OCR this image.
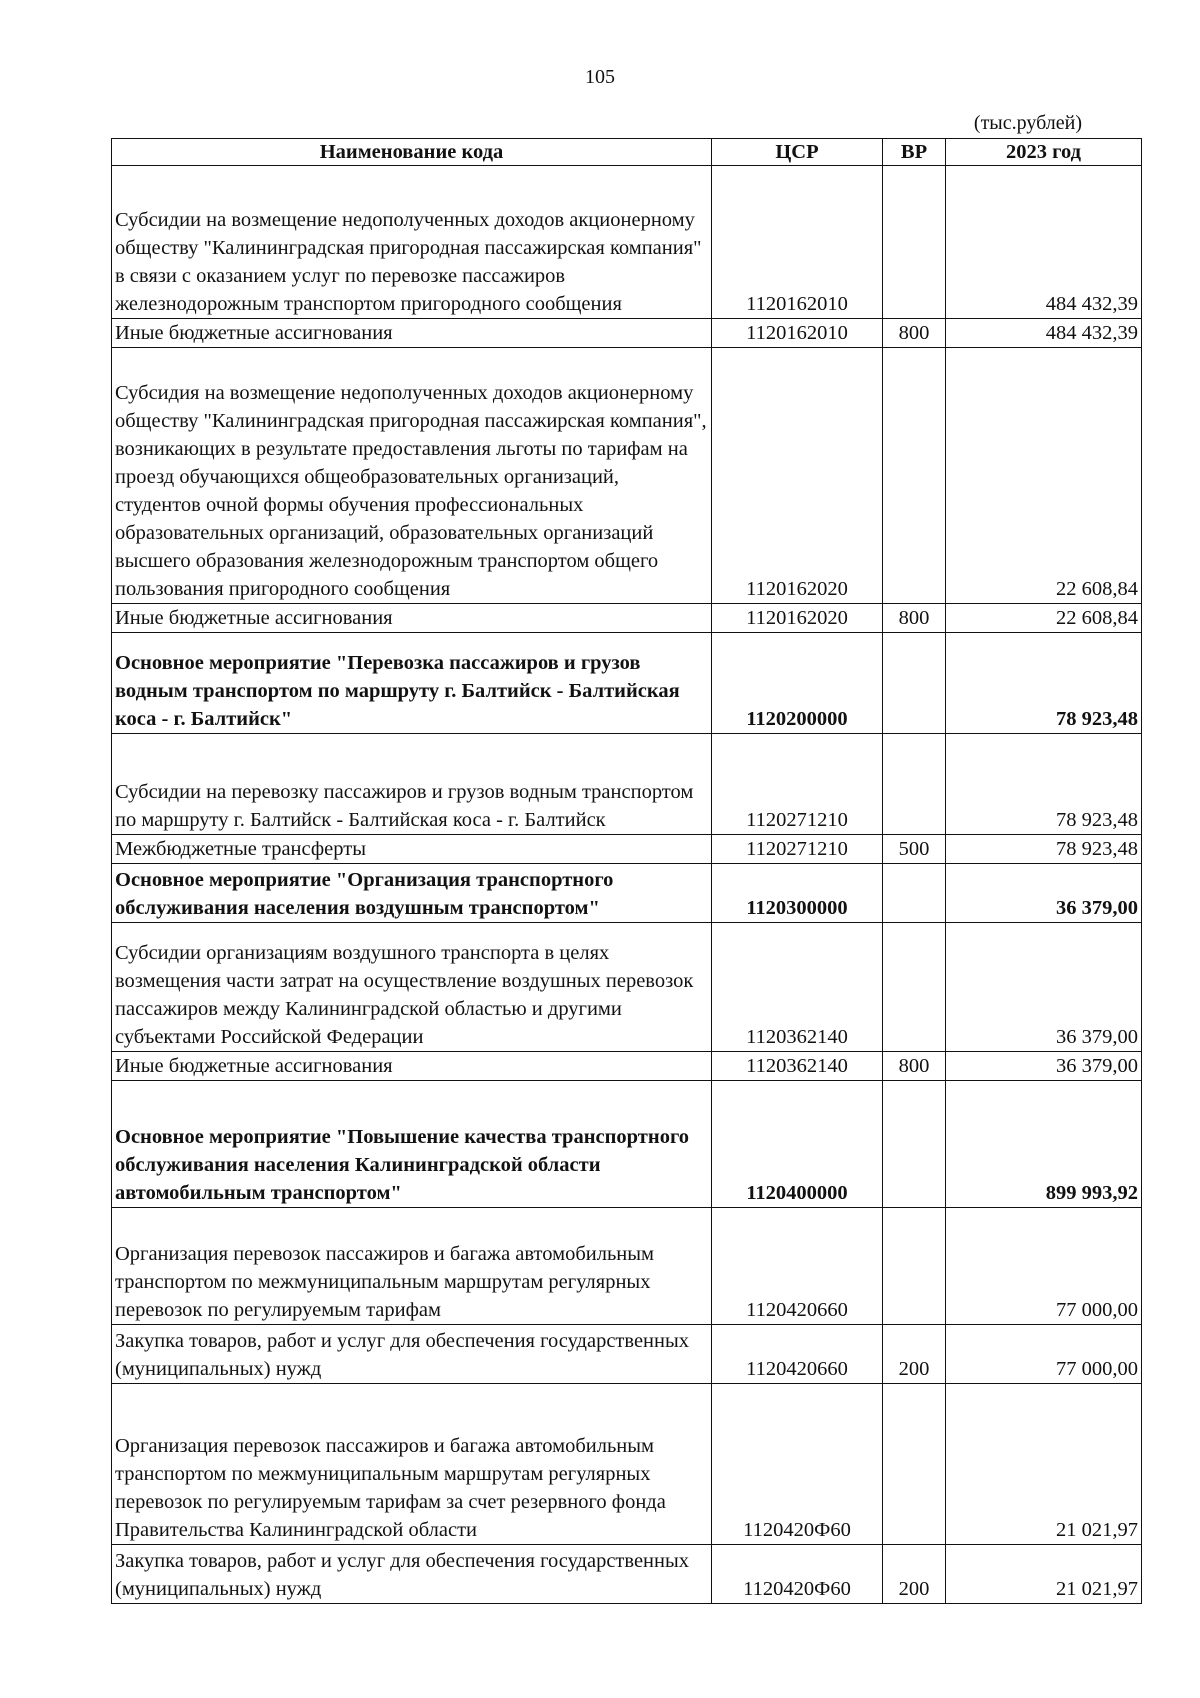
105
(тыс.рублей)
Наименование кода	ЦСР	ВР	2023 год
Субсидии на возмещение недополученных доходов акционерному обществу "Калининградская пригородная пассажирская компания" в связи с оказанием услуг по перевозке пассажиров железнодорожным транспортом пригородного сообщения	1120162010		484 432,39
Иные бюджетные ассигнования	1120162010	800	484 432,39
Субсидия на возмещение недополученных доходов акционерному обществу "Калининградская пригородная пассажирская компания", возникающих в результате предоставления льготы по тарифам на проезд обучающихся общеобразовательных организаций, студентов очной формы обучения профессиональных образовательных организаций, образовательных организаций высшего образования железнодорожным транспортом общего пользования пригородного сообщения	1120162020		22 608,84
Иные бюджетные ассигнования	1120162020	800	22 608,84
Основное мероприятие "Перевозка пассажиров и грузов водным транспортом по маршруту г. Балтийск - Балтийская коса - г. Балтийск"	1120200000		78 923,48
Субсидии на перевозку пассажиров и грузов водным транспортом по маршруту г. Балтийск - Балтийская коса - г. Балтийск	1120271210		78 923,48
Межбюджетные трансферты	1120271210	500	78 923,48
Основное мероприятие "Организация транспортного обслуживания населения воздушным транспортом"	1120300000		36 379,00
Субсидии организациям воздушного транспорта в целях возмещения части затрат на осуществление воздушных перевозок пассажиров между Калининградской областью и другими субъектами Российской Федерации	1120362140		36 379,00
Иные бюджетные ассигнования	1120362140	800	36 379,00
Основное мероприятие "Повышение качества транспортного обслуживания населения Калининградской области автомобильным транспортом"	1120400000		899 993,92
Организация перевозок пассажиров и багажа автомобильным транспортом по межмуниципальным маршрутам регулярных перевозок по регулируемым тарифам	1120420660		77 000,00
Закупка товаров, работ и услуг для обеспечения государственных (муниципальных) нужд	1120420660	200	77 000,00
Организация перевозок пассажиров и багажа автомобильным транспортом по межмуниципальным маршрутам регулярных перевозок по регулируемым тарифам за счет резервного фонда Правительства Калининградской области	1120420Ф60		21 021,97
Закупка товаров, работ и услуг для обеспечения государственных (муниципальных) нужд	1120420Ф60	200	21 021,97
